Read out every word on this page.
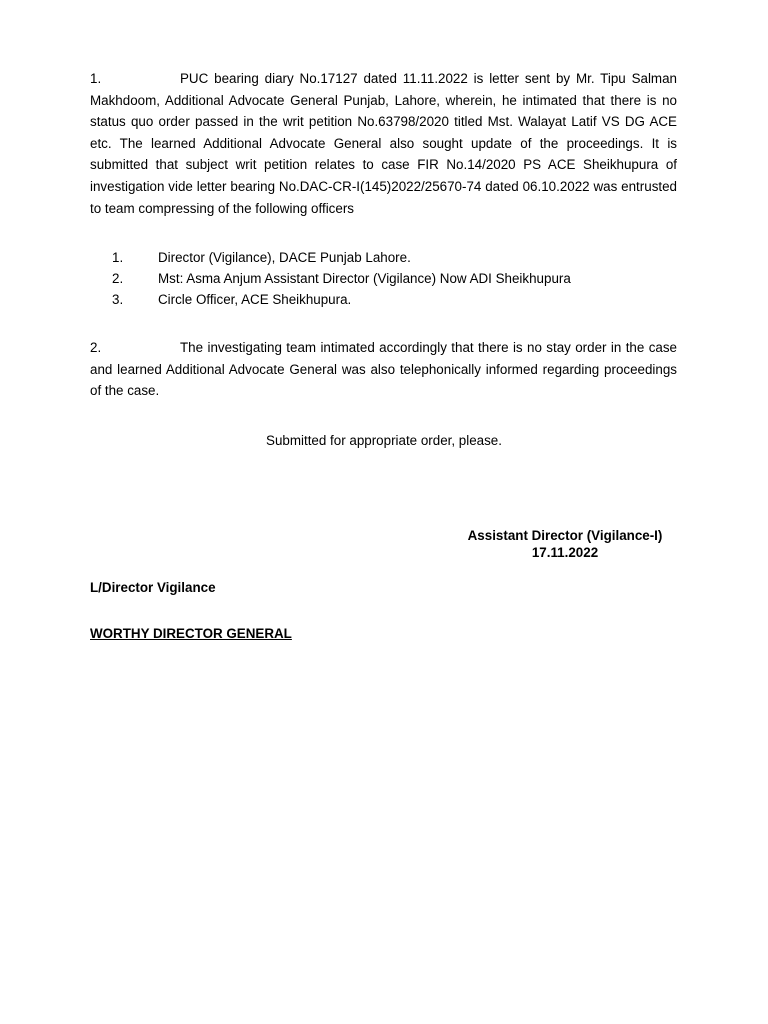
1.	PUC bearing diary No.17127 dated 11.11.2022 is letter sent by Mr. Tipu Salman Makhdoom, Additional Advocate General Punjab, Lahore, wherein, he intimated that there is no status quo order passed in the writ petition No.63798/2020 titled Mst. Walayat Latif VS DG ACE etc. The learned Additional Advocate General also sought update of the proceedings. It is submitted that subject writ petition relates to case FIR No.14/2020 PS ACE Sheikhupura of investigation vide letter bearing No.DAC-CR-I(145)2022/25670-74 dated 06.10.2022 was entrusted to team compressing of the following officers

1.	Director (Vigilance), DACE Punjab Lahore.
2.	Mst: Asma Anjum Assistant Director (Vigilance) Now ADI Sheikhupura
3.	Circle Officer, ACE Sheikhupura.

2.	The investigating team intimated accordingly that there is no stay order in the case and learned Additional Advocate General was also telephonically informed regarding proceedings of the case.

Submitted for appropriate order, please.

Assistant Director (Vigilance-I)
17.11.2022

L/Director Vigilance

WORTHY DIRECTOR GENERAL
